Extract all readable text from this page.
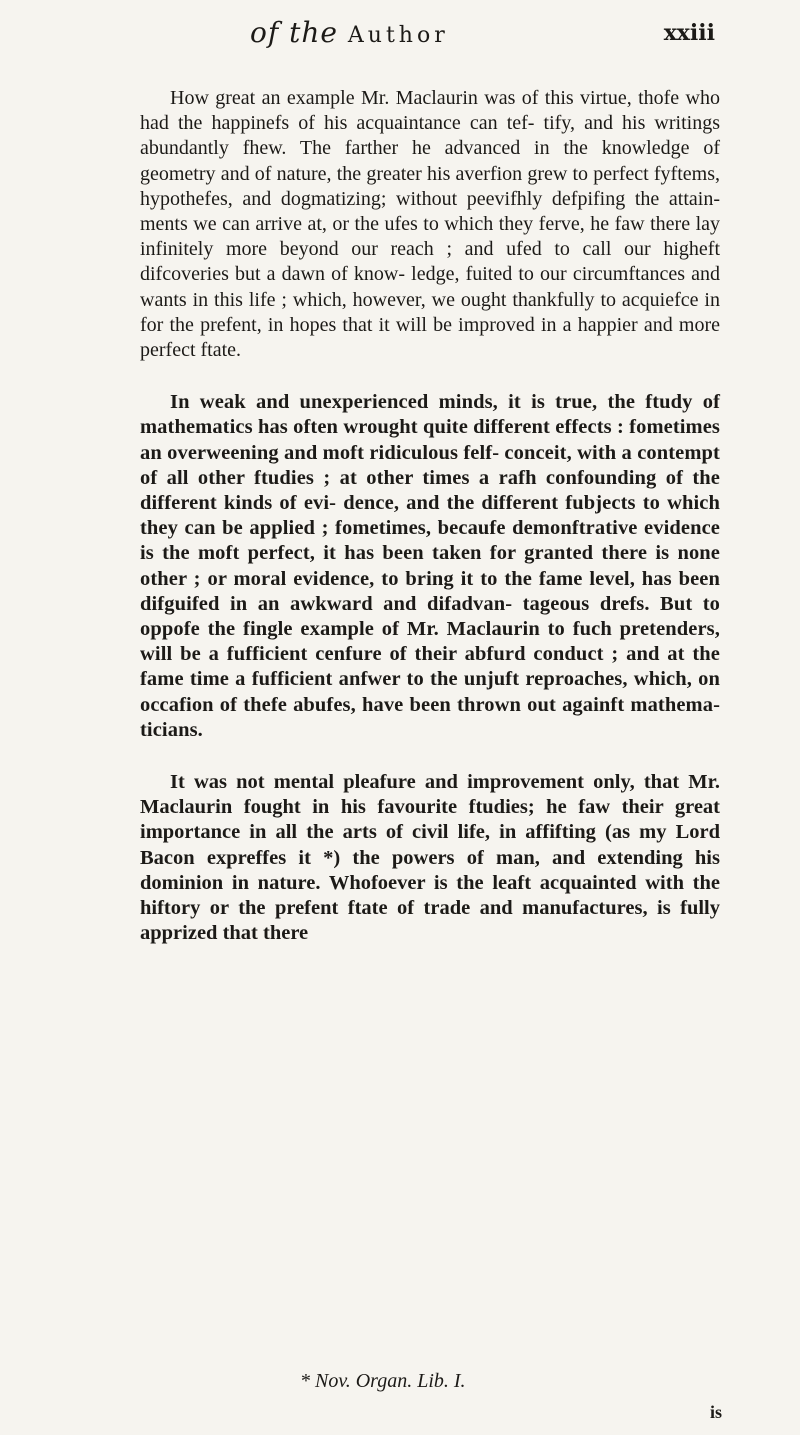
of the Author	xxiii

How great an example Mr. Maclaurin was of this virtue, thofe who had the happinefs of his acquaintance can tef- tify, and his writings abundantly fhew. The farther he advanced in the knowledge of geometry and of nature, the greater his averfion grew to perfect fyftems, hypothefes, and dogmatizing; without peevifhly defpifing the attain- ments we can arrive at, or the ufes to which they ferve, he faw there lay infinitely more beyond our reach ; and ufed to call our higheft difcoveries but a dawn of know- ledge, fuited to our circumftances and wants in this life ; which, however, we ought thankfully to acquiefce in for the prefent, in hopes that it will be improved in a happier and more perfect ftate.

In weak and unexperienced minds, it is true, the ftudy of mathematics has often wrought quite different effects : fometimes an overweening and moft ridiculous felf- conceit, with a contempt of all other ftudies ; at other times a rafh confounding of the different kinds of evi- dence, and the different fubjects to which they can be applied ; fometimes, becaufe demonftrative evidence is the moft perfect, it has been taken for granted there is none other ; or moral evidence, to bring it to the fame level, has been difguifed in an awkward and difadvan- tageous drefs. But to oppofe the fingle example of Mr. Maclaurin to fuch pretenders, will be a fufficient cenfure of their abfurd conduct ; and at the fame time a fufficient anfwer to the unjuft reproaches, which, on occafion of thefe abufes, have been thrown out againft mathema- ticians.

It was not mental pleafure and improvement only, that Mr. Maclaurin fought in his favourite ftudies; he faw their great importance in all the arts of civil life, in affifting (as my Lord Bacon expreffes it *) the powers of man, and extending his dominion in nature. Whofoever is the leaft acquainted with the hiftory or the prefent ftate of trade and manufactures, is fully apprized that there

* Nov. Organ. Lib. I.
is
